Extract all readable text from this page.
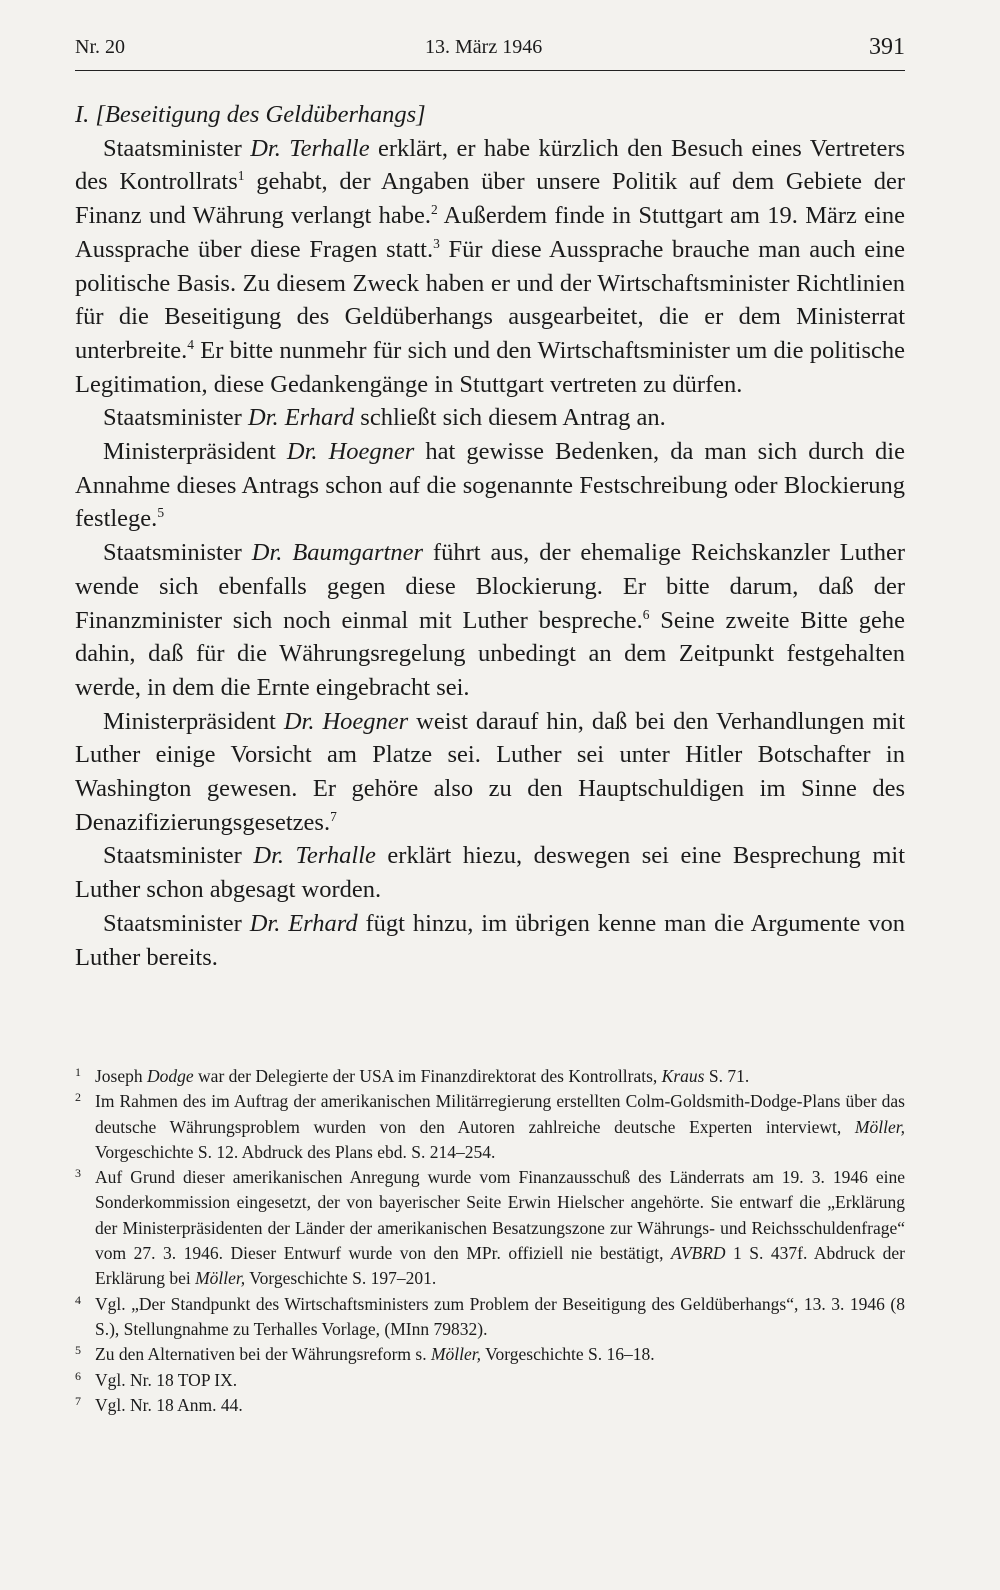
Nr. 20	13. März 1946	391

I. [Beseitigung des Geldüberhangs]

Staatsminister Dr. Terhalle erklärt, er habe kürzlich den Besuch eines Vertreters des Kontrollrats$^1$ gehabt, der Angaben über unsere Politik auf dem Gebiete der Finanz und Währung verlangt habe.$^2$ Außerdem finde in Stuttgart am 19. März eine Aussprache über diese Fragen statt.$^3$ Für diese Aussprache brauche man auch eine politische Basis. Zu diesem Zweck haben er und der Wirtschaftsminister Richtlinien für die Beseitigung des Geldüberhangs ausgearbeitet, die er dem Ministerrat unterbreite.$^4$ Er bitte nunmehr für sich und den Wirtschaftsminister um die politische Legitimation, diese Gedankengänge in Stuttgart vertreten zu dürfen.

Staatsminister Dr. Erhard schließt sich diesem Antrag an.

Ministerpräsident Dr. Hoegner hat gewisse Bedenken, da man sich durch die Annahme dieses Antrags schon auf die sogenannte Festschreibung oder Blockierung festlege.$^5$

Staatsminister Dr. Baumgartner führt aus, der ehemalige Reichskanzler Luther wende sich ebenfalls gegen diese Blockierung. Er bitte darum, daß der Finanzminister sich noch einmal mit Luther bespreche.$^6$ Seine zweite Bitte gehe dahin, daß für die Währungsregelung unbedingt an dem Zeitpunkt festgehalten werde, in dem die Ernte eingebracht sei.

Ministerpräsident Dr. Hoegner weist darauf hin, daß bei den Verhandlungen mit Luther einige Vorsicht am Platze sei. Luther sei unter Hitler Botschafter in Washington gewesen. Er gehöre also zu den Hauptschuldigen im Sinne des Denazifizierungsgesetzes.$^7$

Staatsminister Dr. Terhalle erklärt hiezu, deswegen sei eine Besprechung mit Luther schon abgesagt worden.

Staatsminister Dr. Erhard fügt hinzu, im übrigen kenne man die Argumente von Luther bereits.

1 Joseph Dodge war der Delegierte der USA im Finanzdirektorat des Kontrollrats, Kraus S. 71.

2 Im Rahmen des im Auftrag der amerikanischen Militärregierung erstellten Colm-Goldsmith-Dodge-Plans über das deutsche Währungsproblem wurden von den Autoren zahlreiche deutsche Experten interviewt, Möller, Vorgeschichte S. 12. Abdruck des Plans ebd. S. 214–254.

3 Auf Grund dieser amerikanischen Anregung wurde vom Finanzausschuß des Länderrats am 19. 3. 1946 eine Sonderkommission eingesetzt, der von bayerischer Seite Erwin Hielscher angehörte. Sie entwarf die „Erklärung der Ministerpräsidenten der Länder der amerikanischen Besatzungszone zur Währungs- und Reichsschuldenfrage“ vom 27. 3. 1946. Dieser Entwurf wurde von den MPr. offiziell nie bestätigt, AVBRD 1 S. 437f. Abdruck der Erklärung bei Möller, Vorgeschichte S. 197–201.

4 Vgl. „Der Standpunkt des Wirtschaftsministers zum Problem der Beseitigung des Geldüberhangs“, 13. 3. 1946 (8 S.), Stellungnahme zu Terhalles Vorlage, (MInn 79832).

5 Zu den Alternativen bei der Währungsreform s. Möller, Vorgeschichte S. 16–18.

6 Vgl. Nr. 18 TOP IX.

7 Vgl. Nr. 18 Anm. 44.
